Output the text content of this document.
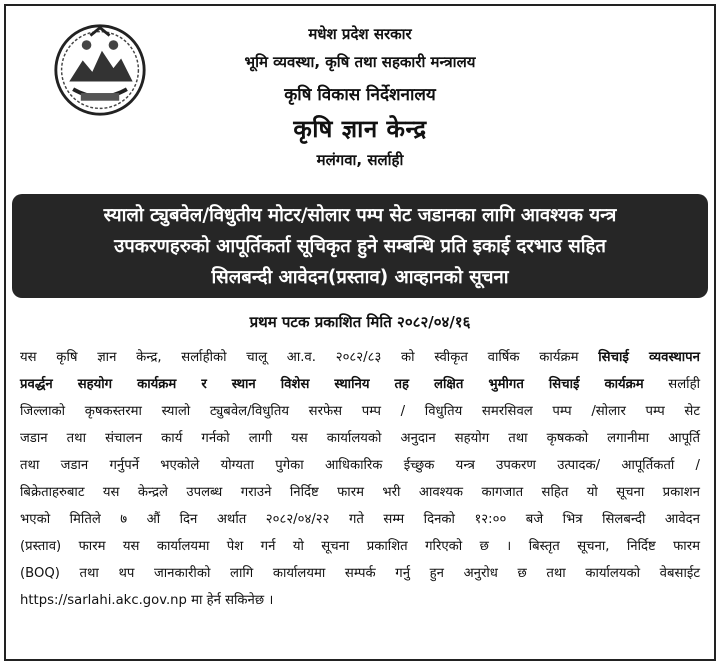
मधेश प्रदेश सरकार
भूमि व्यवस्था, कृषि तथा सहकारी मन्त्रालय
कृषि विकास निर्देशनालय
कृषि ज्ञान केन्द्र
मलंगवा, सर्लाही
स्यालो ट्युबवेल/विधुतीय मोटर/सोलार पम्प सेट जडानका लागि आवश्यक यन्त्र
उपकरणहरुको आपूर्तिकर्ता सूचिकृत हुने सम्बन्धि प्रति इकाई दरभाउ सहित
सिलबन्दी आवेदन(प्रस्ताव) आव्हानको सूचना
प्रथम पटक प्रकाशित मिति २०८२/०४/१६
यस कृषि ज्ञान केन्द्र, सर्लाहीको चालू आ.व. २०८२/८३ को स्वीकृत वार्षिक कार्यक्रम सिचाई व्यवस्थापन
प्रवर्द्धन सहयोग कार्यक्रम र स्थान विशेस स्थानिय तह लक्षित भुमीगत सिचाई कार्यक्रम सर्लाही
जिल्लाको कृषकस्तरमा स्यालो ट्युबवेल/विधुतिय सरफेस पम्प / विधुतिय समरसिवल पम्प /सोलार पम्प सेट
जडान तथा संचालन कार्य गर्नको लागी यस कार्यालयको अनुदान सहयोग तथा कृषकको लगानीमा आपूर्ति
तथा जडान गर्नुपर्ने भएकोले योग्यता पुगेका आधिकारिक ईच्छुक यन्त्र उपकरण उत्पादक/ आपूर्तिकर्ता /
बिक्रेताहरुबाट यस केन्द्रले उपलब्ध गराउने निर्दिष्ट फारम भरी आवश्यक कागजात सहित यो सूचना प्रकाशन
भएको मितिले ७ औं दिन अर्थात २०८२/०४/२२ गते सम्म दिनको १२:०० बजे भित्र सिलबन्दी आवेदन
(प्रस्ताव) फारम यस कार्यालयमा पेश गर्न यो सूचना प्रकाशित गरिएको छ । बिस्तृत सूचना, निर्दिष्ट फारम
(BOQ) तथा थप जानकारीको लागि कार्यालयमा सम्पर्क गर्नु हुन अनुरोध छ तथा कार्यालयको वेबसाईट
https://sarlahi.akc.gov.np मा हेर्न सकिनेछ ।
